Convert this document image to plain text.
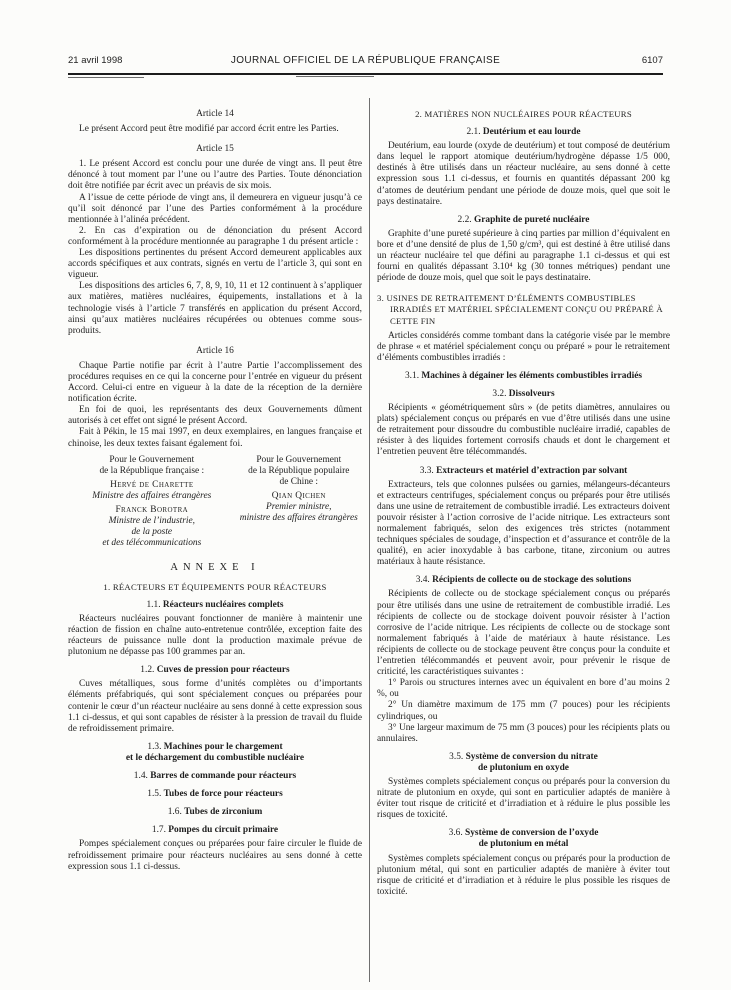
21 avril 1998	JOURNAL OFFICIEL DE LA RÉPUBLIQUE FRANÇAISE	6107
Article 14

Le présent Accord peut être modifié par accord écrit entre les Parties.

Article 15

1. Le présent Accord est conclu pour une durée de vingt ans. Il peut être dénoncé à tout moment par l’une ou l’autre des Parties. Toute dénonciation doit être notifiée par écrit avec un préavis de six mois.

A l’issue de cette période de vingt ans, il demeurera en vigueur jusqu’à ce qu’il soit dénoncé par l’une des Parties conformément à la procédure mentionnée à l’alinéa précédent.

2. En cas d’expiration ou de dénonciation du présent Accord conformément à la procédure mentionnée au paragraphe 1 du présent article :

Les dispositions pertinentes du présent Accord demeurent applicables aux accords spécifiques et aux contrats, signés en vertu de l’article 3, qui sont en vigueur.

Les dispositions des articles 6, 7, 8, 9, 10, 11 et 12 continuent à s’appliquer aux matières, matières nucléaires, équipements, installations et à la technologie visés à l’article 7 transférés en application du présent Accord, ainsi qu’aux matières nucléaires récupérées ou obtenues comme sous-produits.

Article 16

Chaque Partie notifie par écrit à l’autre Partie l’accomplissement des procédures requises en ce qui la concerne pour l’entrée en vigueur du présent Accord. Celui-ci entre en vigueur à la date de la réception de la dernière notification écrite.

En foi de quoi, les représentants des deux Gouvernements dûment autorisés à cet effet ont signé le présent Accord.

Fait à Pékin, le 15 mai 1997, en deux exemplaires, en langues française et chinoise, les deux textes faisant également foi.

Pour le Gouvernement
de la République française :
Hervé de Charette
Ministre des affaires étrangères
Franck Borotra
Ministre de l’industrie,
de la poste
et des télécommunications
Pour le Gouvernement
de la République populaire
de Chine :
Qian Qichen
Premier ministre,
ministre des affaires étrangères
ANNEXE I
1. RÉACTEURS ET ÉQUIPEMENTS POUR RÉACTEURS
1.1. Réacteurs nucléaires complets

Réacteurs nucléaires pouvant fonctionner de manière à maintenir une réaction de fission en chaîne auto-entretenue contrôlée, exception faite des réacteurs de puissance nulle dont la production maximale prévue de plutonium ne dépasse pas 100 grammes par an.

1.2. Cuves de pression pour réacteurs

Cuves métalliques, sous forme d’unités complètes ou d’importants éléments préfabriqués, qui sont spécialement conçues ou préparées pour contenir le cœur d’un réacteur nucléaire au sens donné à cette expression sous 1.1 ci-dessus, et qui sont capables de résister à la pression de travail du fluide de refroidissement primaire.

1.3. Machines pour le chargement
et le déchargement du combustible nucléaire
1.4. Barres de commande pour réacteurs
1.5. Tubes de force pour réacteurs
1.6. Tubes de zirconium
1.7. Pompes du circuit primaire

Pompes spécialement conçues ou préparées pour faire circuler le fluide de refroidissement primaire pour réacteurs nucléaires au sens donné à cette expression sous 1.1 ci-dessus.

2. MATIÈRES NON NUCLÉAIRES POUR RÉACTEURS
2.1. Deutérium et eau lourde

Deutérium, eau lourde (oxyde de deutérium) et tout composé de deutérium dans lequel le rapport atomique deutérium/hydrogène dépasse 1/5 000, destinés à être utilisés dans un réacteur nucléaire, au sens donné à cette expression sous 1.1 ci-dessus, et fournis en quantités dépassant 200 kg d’atomes de deutérium pendant une période de douze mois, quel que soit le pays destinataire.

2.2. Graphite de pureté nucléaire

Graphite d’une pureté supérieure à cinq parties par million d’équivalent en bore et d’une densité de plus de 1,50 g/cm³, qui est destiné à être utilisé dans un réacteur nucléaire tel que défini au paragraphe 1.1 ci-dessus et qui est fourni en qualités dépassant 3.10⁴ kg (30 tonnes métriques) pendant une période de douze mois, quel que soit le pays destinataire.

3. USINES DE RETRAITEMENT D’ÉLÉMENTS COMBUSTIBLES IRRADIÉS ET MATÉRIEL SPÉCIALEMENT CONÇU OU PRÉPARÉ À CETTE FIN

Articles considérés comme tombant dans la catégorie visée par le membre de phrase « et matériel spécialement conçu ou préparé » pour le retraitement d’éléments combustibles irradiés :

3.1. Machines à dégainer les éléments combustibles irradiés
3.2. Dissolveurs

Récipients « géométriquement sûrs » (de petits diamètres, annulaires ou plats) spécialement conçus ou préparés en vue d’être utilisés dans une usine de retraitement pour dissoudre du combustible nucléaire irradié, capables de résister à des liquides fortement corrosifs chauds et dont le chargement et l’entretien peuvent être télécommandés.

3.3. Extracteurs et matériel d’extraction par solvant

Extracteurs, tels que colonnes pulsées ou garnies, mélangeurs-décanteurs et extracteurs centrifuges, spécialement conçus ou préparés pour être utilisés dans une usine de retraitement de combustible irradié. Les extracteurs doivent pouvoir résister à l’action corrosive de l’acide nitrique. Les extracteurs sont normalement fabriqués, selon des exigences très strictes (notamment techniques spéciales de soudage, d’inspection et d’assurance et contrôle de la qualité), en acier inoxydable à bas carbone, titane, zirconium ou autres matériaux à haute résistance.

3.4. Récipients de collecte ou de stockage des solutions

Récipients de collecte ou de stockage spécialement conçus ou préparés pour être utilisés dans une usine de retraitement de combustible irradié. Les récipients de collecte ou de stockage doivent pouvoir résister à l’action corrosive de l’acide nitrique. Les récipients de collecte ou de stockage sont normalement fabriqués à l’aide de matériaux à haute résistance. Les récipients de collecte ou de stockage peuvent être conçus pour la conduite et l’entretien télécommandés et peuvent avoir, pour prévenir le risque de criticité, les caractéristiques suivantes :

1° Parois ou structures internes avec un équivalent en bore d’au moins 2 %, ou

2° Un diamètre maximum de 175 mm (7 pouces) pour les récipients cylindriques, ou

3° Une largeur maximum de 75 mm (3 pouces) pour les récipients plats ou annulaires.

3.5. Système de conversion du nitrate
de plutonium en oxyde

Systèmes complets spécialement conçus ou préparés pour la conversion du nitrate de plutonium en oxyde, qui sont en particulier adaptés de manière à éviter tout risque de criticité et d’irradiation et à réduire le plus possible les risques de toxicité.

3.6. Système de conversion de l’oxyde
de plutonium en métal

Systèmes complets spécialement conçus ou préparés pour la production de plutonium métal, qui sont en particulier adaptés de manière à éviter tout risque de criticité et d’irradiation et à réduire le plus possible les risques de toxicité.
